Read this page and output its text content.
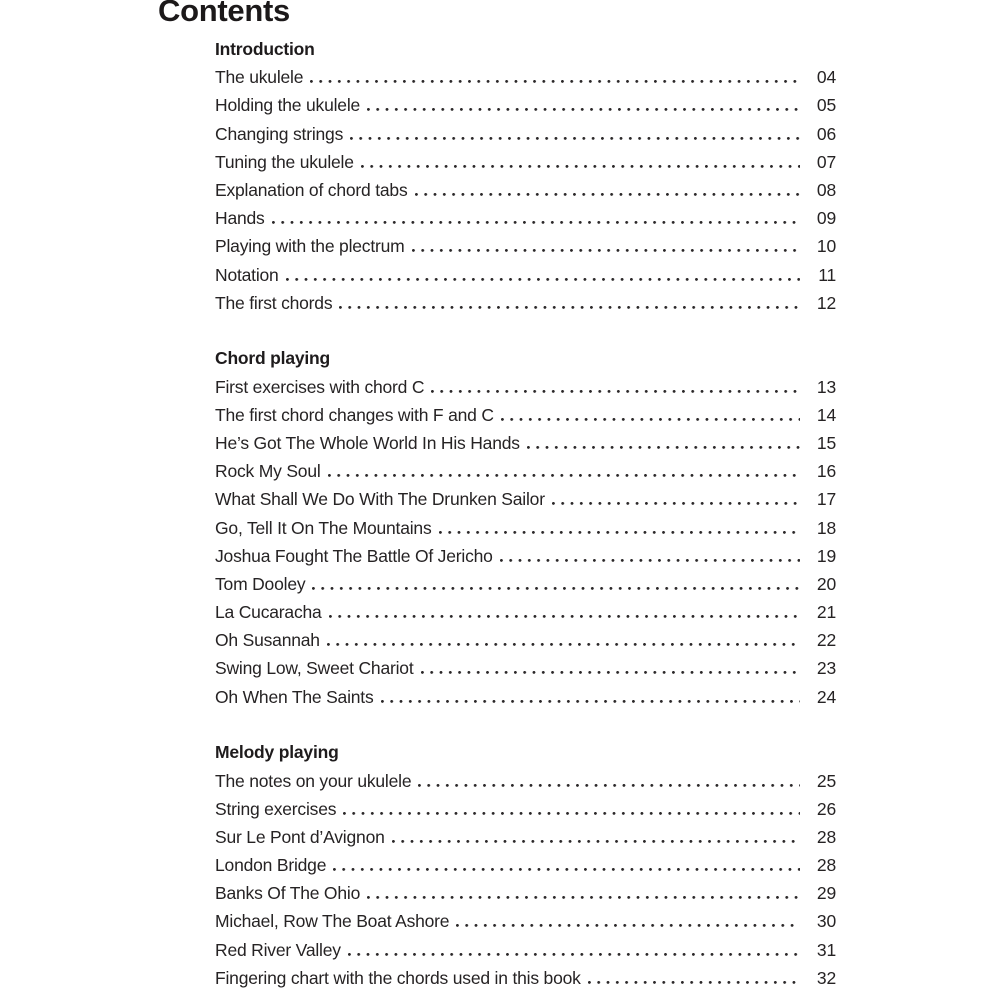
Contents
Introduction
The ukulele	04
Holding the ukulele	05
Changing strings	06
Tuning the ukulele	07
Explanation of chord tabs	08
Hands	09
Playing with the plectrum	10
Notation	11
The first chords	12
Chord playing
First exercises with chord C	13
The first chord changes with F and C	14
He’s Got The Whole World In His Hands	15
Rock My Soul	16
What Shall We Do With The Drunken Sailor	17
Go, Tell It On The Mountains	18
Joshua Fought The Battle Of Jericho	19
Tom Dooley	20
La Cucaracha	21
Oh Susannah	22
Swing Low, Sweet Chariot	23
Oh When The Saints	24
Melody playing
The notes on your ukulele	25
String exercises	26
Sur Le Pont d’Avignon	28
London Bridge	28
Banks Of The Ohio	29
Michael, Row The Boat Ashore	30
Red River Valley	31
Fingering chart with the chords used in this book	32
